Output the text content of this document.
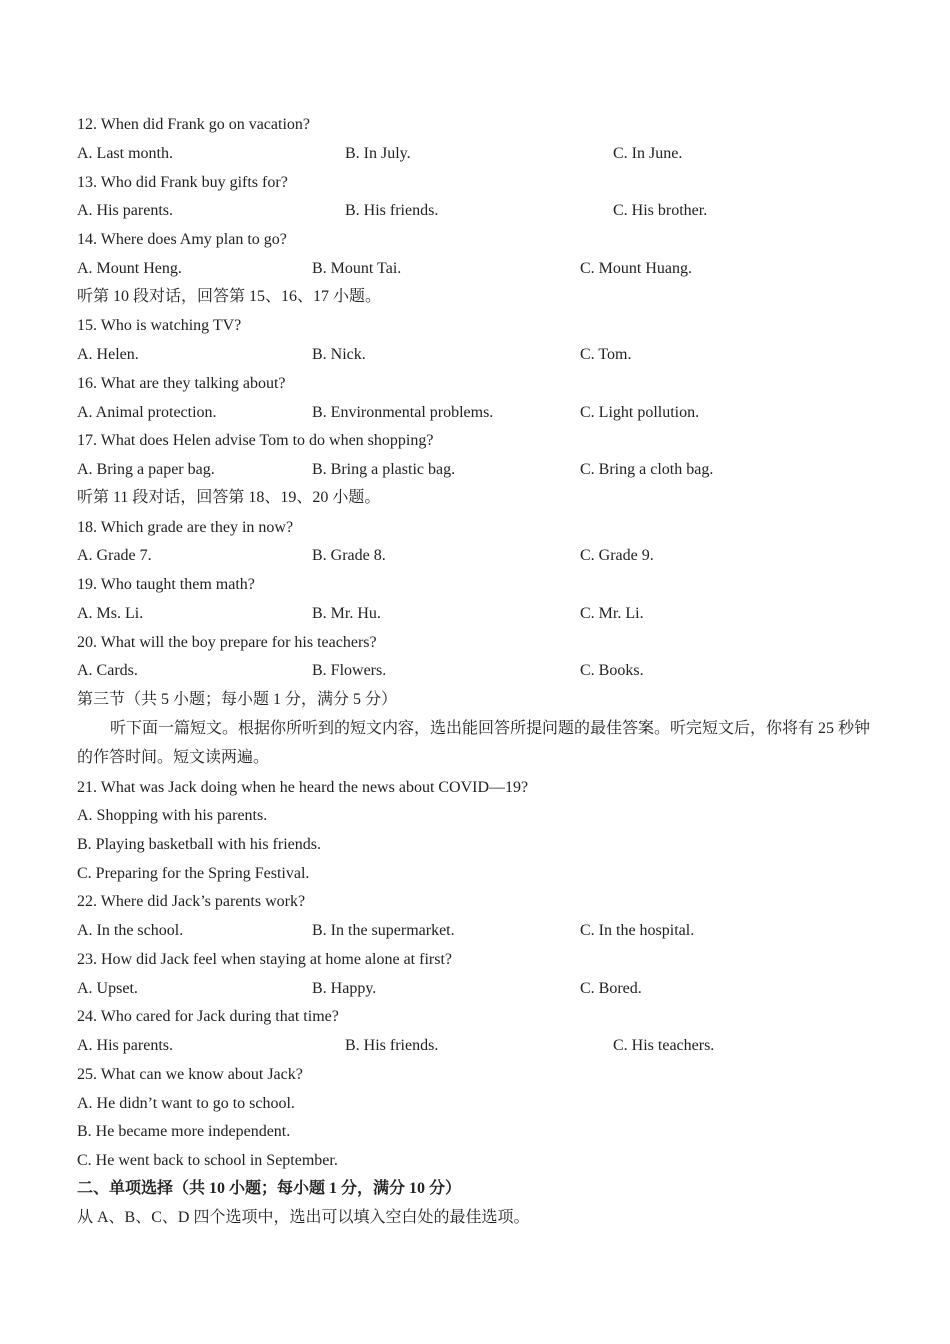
12. When did Frank go on vacation?
A. Last month.	B. In July.	C. In June.
13. Who did Frank buy gifts for?
A. His parents.	B. His friends.	C. His brother.
14. Where does Amy plan to go?
A. Mount Heng.	B. Mount Tai.	C. Mount Huang.
听第 10 段对话，回答第 15、16、17 小题。
15. Who is watching TV?
A. Helen.	B. Nick.	C. Tom.
16. What are they talking about?
A. Animal protection.	B. Environmental problems.	C. Light pollution.
17. What does Helen advise Tom to do when shopping?
A. Bring a paper bag.	B. Bring a plastic bag.	C. Bring a cloth bag.
听第 11 段对话，回答第 18、19、20 小题。
18. Which grade are they in now?
A. Grade 7.	B. Grade 8.	C. Grade 9.
19. Who taught them math?
A. Ms. Li.	B. Mr. Hu.	C. Mr. Li.
20. What will the boy prepare for his teachers?
A. Cards.	B. Flowers.	C. Books.
第三节（共 5 小题；每小题 1 分，满分 5 分）
听下面一篇短文。根据你所听到的短文内容，选出能回答所提问题的最佳答案。听完短文后，你将有 25 秒钟的作答时间。短文读两遍。
21. What was Jack doing when he heard the news about COVID—19?
A. Shopping with his parents.
B. Playing basketball with his friends.
C. Preparing for the Spring Festival.
22. Where did Jack’s parents work?
A. In the school.	B. In the supermarket.	C. In the hospital.
23. How did Jack feel when staying at home alone at first?
A. Upset.	B. Happy.	C. Bored.
24. Who cared for Jack during that time?
A. His parents.	B. His friends.	C. His teachers.
25. What can we know about Jack?
A. He didn’t want to go to school.
B. He became more independent.
C. He went back to school in September.
二、单项选择（共 10 小题；每小题 1 分，满分 10 分）
从 A、B、C、D 四个选项中，选出可以填入空白处的最佳选项。
